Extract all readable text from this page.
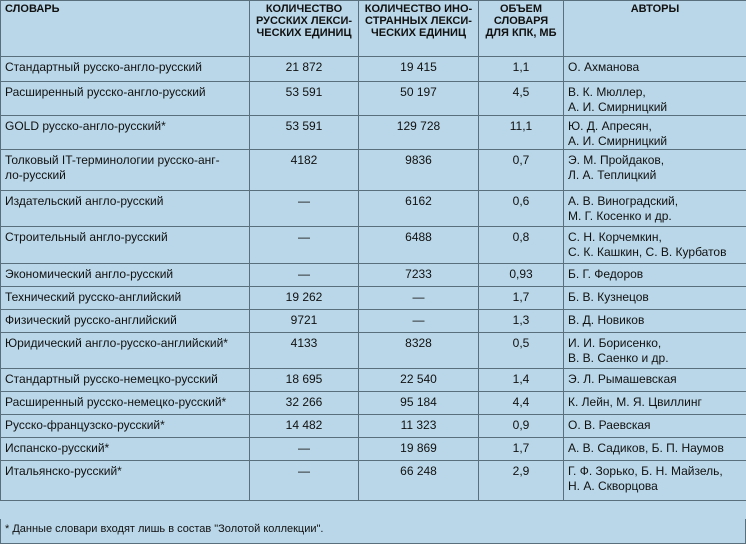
СЛОВАРЬ	КОЛИЧЕСТВО
РУССКИХ ЛЕКСИ-
ЧЕСКИХ ЕДИНИЦ	КОЛИЧЕСТВО ИНО-
СТРАННЫХ ЛЕКСИ-
ЧЕСКИХ ЕДИНИЦ	ОБЪЕМ
СЛОВАРЯ
ДЛЯ КПК, МБ	АВТОРЫ

Стандартный русско-англо-русский	21 872	19 415	1,1	О. Ахманова

Расширенный русско-англо-русский	53 591	50 197	4,5	В. К. Мюллер,
А. И. Смирницкий

GOLD русско-англо-русский*	53 591	129 728	11,1	Ю. Д. Апресян,
А. И. Смирницкий

Толковый IT-терминологии русско-анг-
ло-русский	4182	9836	0,7	Э. М. Пройдаков,
Л. А. Теплицкий

Издательский англо-русский	—	6162	0,6	А. В. Виноградский,
М. Г. Косенко и др.

Строительный англо-русский	—	6488	0,8	С. Н. Корчемкин,
С. К. Кашкин, С. В. Курбатов

Экономический англо-русский	—	7233	0,93	Б. Г. Федоров

Технический русско-английский	19 262	—	1,7	Б. В. Кузнецов

Физический русско-английский	9721	—	1,3	В. Д. Новиков

Юридический англо-русско-английский*	4133	8328	0,5	И. И. Борисенко,
В. В. Саенко и др.

Стандартный русско-немецко-русский	18 695	22 540	1,4	Э. Л. Рымашевская

Расширенный русско-немецко-русский*	32 266	95 184	4,4	К. Лейн, М. Я. Цвиллинг

Русско-французско-русский*	14 482	11 323	0,9	О. В. Раевская

Испанско-русский*	—	19 869	1,7	А. В. Садиков, Б. П. Наумов

Итальянско-русский*	—	66 248	2,9	Г. Ф. Зорько, Б. Н. Майзель,
Н. А. Скворцова
* Данные словари входят лишь в состав "Золотой коллекции".
